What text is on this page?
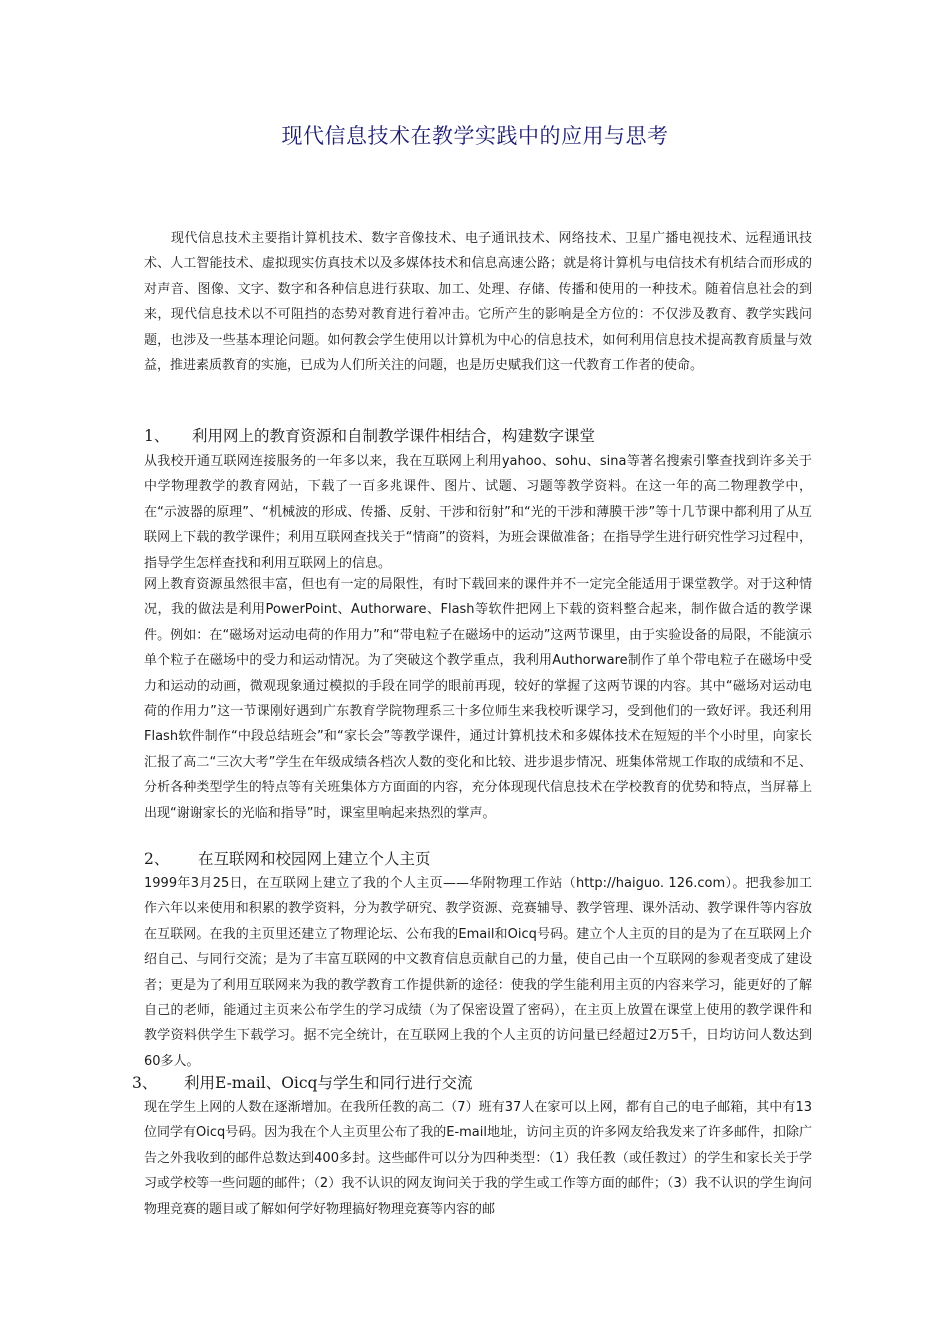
现代信息技术在教学实践中的应用与思考

现代信息技术主要指计算机技术、数字音像技术、电子通讯技术、网络技术、卫星广播电视技术、远程通讯技术、人工智能技术、虚拟现实仿真技术以及多媒体技术和信息高速公路；就是将计算机与电信技术有机结合而形成的对声音、图像、文字、数字和各种信息进行获取、加工、处理、存储、传播和使用的一种技术。随着信息社会的到来，现代信息技术以不可阻挡的态势对教育进行着冲击。它所产生的影响是全方位的：不仅涉及教育、教学实践问题，也涉及一些基本理论问题。如何教会学生使用以计算机为中心的信息技术，如何利用信息技术提高教育质量与效益，推进素质教育的实施，已成为人们所关注的问题，也是历史赋我们这一代教育工作者的使命。

1、 利用网上的教育资源和自制教学课件相结合，构建数字课堂

从我校开通互联网连接服务的一年多以来，我在互联网上利用yahoo、sohu、sina等著名搜索引擎查找到许多关于中学物理教学的教育网站，下载了一百多兆课件、图片、试题、习题等教学资料。在这一年的高二物理教学中，在“示波器的原理”、“机械波的形成、传播、反射、干涉和衍射”和“光的干涉和薄膜干涉”等十几节课中都利用了从互联网上下载的教学课件；利用互联网查找关于“情商”的资料，为班会课做准备；在指导学生进行研究性学习过程中，指导学生怎样查找和利用互联网上的信息。

网上教育资源虽然很丰富，但也有一定的局限性，有时下载回来的课件并不一定完全能适用于课堂教学。对于这种情况，我的做法是利用PowerPoint、Authorware、Flash等软件把网上下载的资料整合起来，制作做合适的教学课件。例如：在“磁场对运动电荷的作用力”和“带电粒子在磁场中的运动”这两节课里，由于实验设备的局限，不能演示单个粒子在磁场中的受力和运动情况。为了突破这个教学重点，我利用Authorware制作了单个带电粒子在磁场中受力和运动的动画，微观现象通过模拟的手段在同学的眼前再现，较好的掌握了这两节课的内容。其中“磁场对运动电荷的作用力”这一节课刚好遇到广东教育学院物理系三十多位师生来我校听课学习，受到他们的一致好评。我还利用Flash软件制作“中段总结班会”和“家长会”等教学课件，通过计算机技术和多媒体技术在短短的半个小时里，向家长汇报了高二“三次大考”学生在年级成绩各档次人数的变化和比较、进步退步情况、班集体常规工作取的成绩和不足、分析各种类型学生的特点等有关班集体方方面面的内容，充分体现现代信息技术在学校教育的优势和特点，当屏幕上出现“谢谢家长的光临和指导”时，课室里响起来热烈的掌声。

2、 在互联网和校园网上建立个人主页

1999年3月25日，在互联网上建立了我的个人主页——华附物理工作站（http://haiguo. 126.com）。把我参加工作六年以来使用和积累的教学资料，分为教学研究、教学资源、竞赛辅导、教学管理、课外活动、教学课件等内容放在互联网。在我的主页里还建立了物理论坛、公布我的Email和Oicq号码。建立个人主页的目的是为了在互联网上介绍自己、与同行交流；是为了丰富互联网的中文教育信息贡献自己的力量，使自己由一个互联网的参观者变成了建设者；更是为了利用互联网来为我的教学教育工作提供新的途径：使我的学生能利用主页的内容来学习，能更好的了解自己的老师，能通过主页来公布学生的学习成绩（为了保密设置了密码），在主页上放置在课堂上使用的教学课件和教学资料供学生下载学习。据不完全统计，在互联网上我的个人主页的访问量已经超过2万5千，日均访问人数达到60多人。

3、 利用E-mail、Oicq与学生和同行进行交流

现在学生上网的人数在逐渐增加。在我所任教的高二（7）班有37人在家可以上网，都有自己的电子邮箱，其中有13位同学有Oicq号码。因为我在个人主页里公布了我的E-mail地址，访问主页的许多网友给我发来了许多邮件，扣除广告之外我收到的邮件总数达到400多封。这些邮件可以分为四种类型：（1）我任教（或任教过）的学生和家长关于学习或学校等一些问题的邮件；（2）我不认识的网友询问关于我的学生或工作等方面的邮件；（3）我不认识的学生询问物理竞赛的题目或了解如何学好物理搞好物理竞赛等内容的邮
